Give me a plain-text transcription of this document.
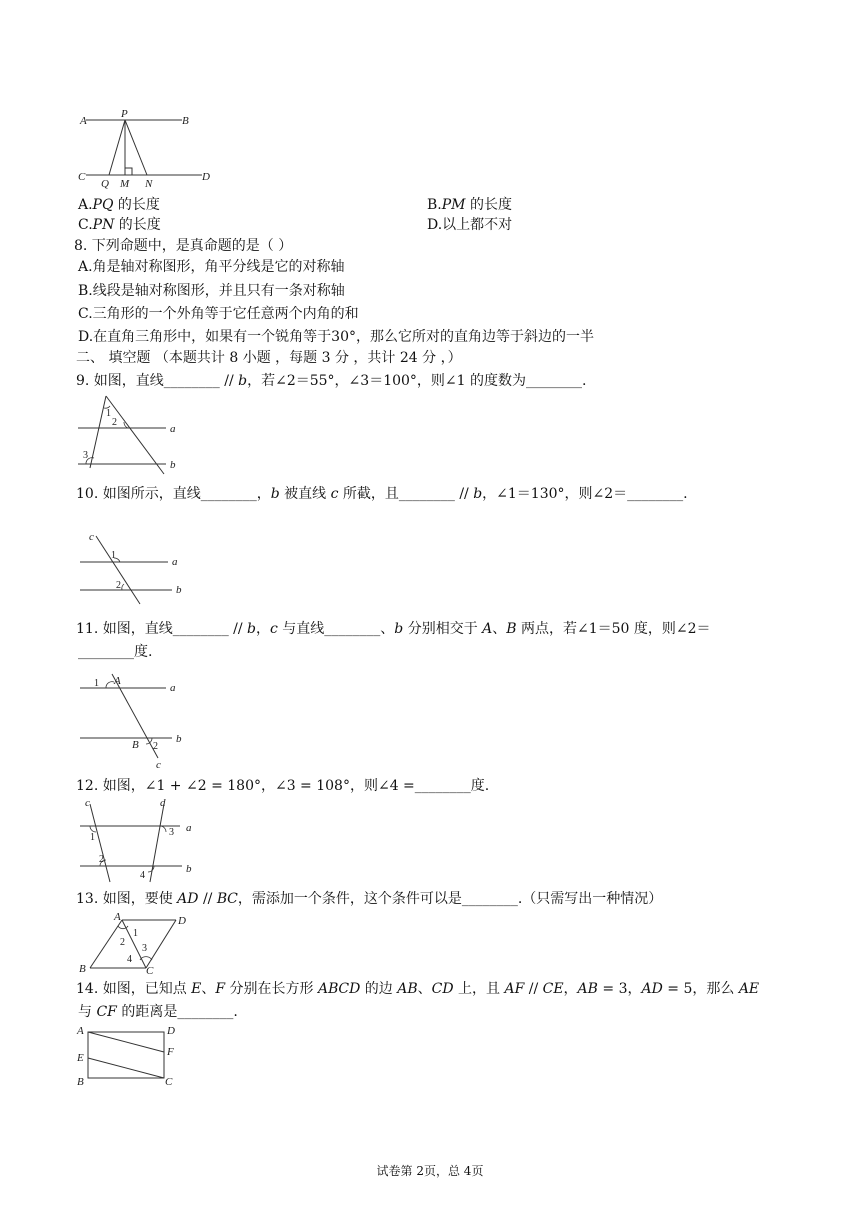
A
P
B
C
Q M N
D
A.𝑃𝑄 的长度	B.𝑃𝑀 的长度
C.𝑃𝑁 的长度	D.以上都不对
8. 下列命题中，是真命题的是（ ）
A.角是轴对称图形，角平分线是它的对称轴
B.线段是轴对称图形，并且只有一条对称轴
C.三角形的一个外角等于它任意两个内角的和
D.在直角三角形中，如果有一个锐角等于30°，那么它所对的直角边等于斜边的一半
二、 填空题 （本题共计 8 小题 ，每题 3 分 ，共计 24 分 ，）
9. 如图，直线________ // 𝑏，若∠2＝55°，∠3＝100°，则∠1 的度数为________.
1
2
3
a
b
10. 如图所示，直线________，𝑏 被直线 𝑐 所截，且________ // 𝑏，∠1＝130°，则∠2＝________.
c
1
2
a
b
11. 如图，直线________ // 𝑏，𝑐 与直线________、𝑏 分别相交于 𝐴、𝐵 两点，若∠1＝50 度，则∠2＝
________度.
1 A
a
B 2
b
c
12. 如图，∠1 + ∠2 = 180°，∠3 = 108°，则∠4 =________度.
c	d
1	3 a
2
4
b
13. 如图，要使 𝐴𝐷 // 𝐵𝐶，需添加一个条件，这个条件可以是________.（只需写出一种情况）
A	D
1
2
3
4
B	C
14. 如图，已知点 𝐸、𝐹 分别在长方形 𝐴𝐵𝐶𝐷 的边 𝐴𝐵、𝐶𝐷 上，且 𝐴𝐹 // 𝐶𝐸，𝐴𝐵 = 3，𝐴𝐷 = 5，那么 𝐴𝐸
与 𝐶𝐹 的距离是________.
A	D
E	F
B	C
试卷第 2页，总 4页
